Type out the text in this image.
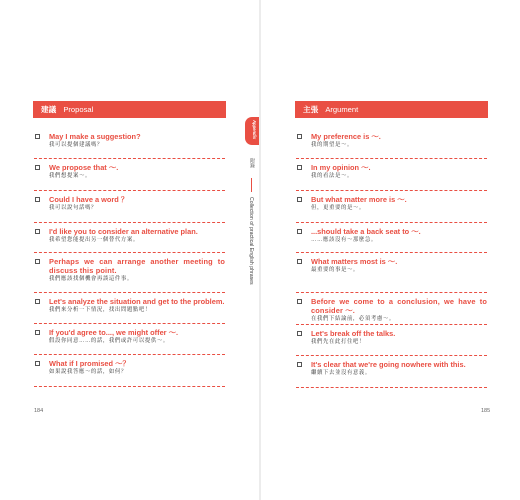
建議 Proposal
May I make a suggestion?
我可以提個建議嗎？
We propose that ～.
我們想提案～。
Could I have a word ？
我可以說句話嗎？
I'd like you to consider an alternative plan.
我希望您能提出另一個替代方案。
Perhaps we can arrange another meeting to discuss this point.
我們應該找個機會再談這件事。
Let's analyze the situation and get to the problem.
我們來分析一下情況，找出問題點吧！
If you'd agree to..., we might offer ～.
假設你同意……的話，我們或許可以提供～。
What if I promised ～？
如果說我答應～的話，如何？
184
主張 Argument
My preference is ～.
我的期望是～。
In my opinion ～.
我的看法是～。
But what matter more is ～.
但，更重要的是～。
...should take a back seat to ～.
……應該沒有～那麼急。
What matters most is ～.
最重要的事是～。
Before we come to a conclusion, we have to consider ～.
在我們下結論前，必須考慮～。
Let's break off the talks.
我們先在此打住吧！
It's clear that we're going nowhere with this.
繼續下去並沒有意義。
185
Appendix
附錄
Collection of practical English phrases
